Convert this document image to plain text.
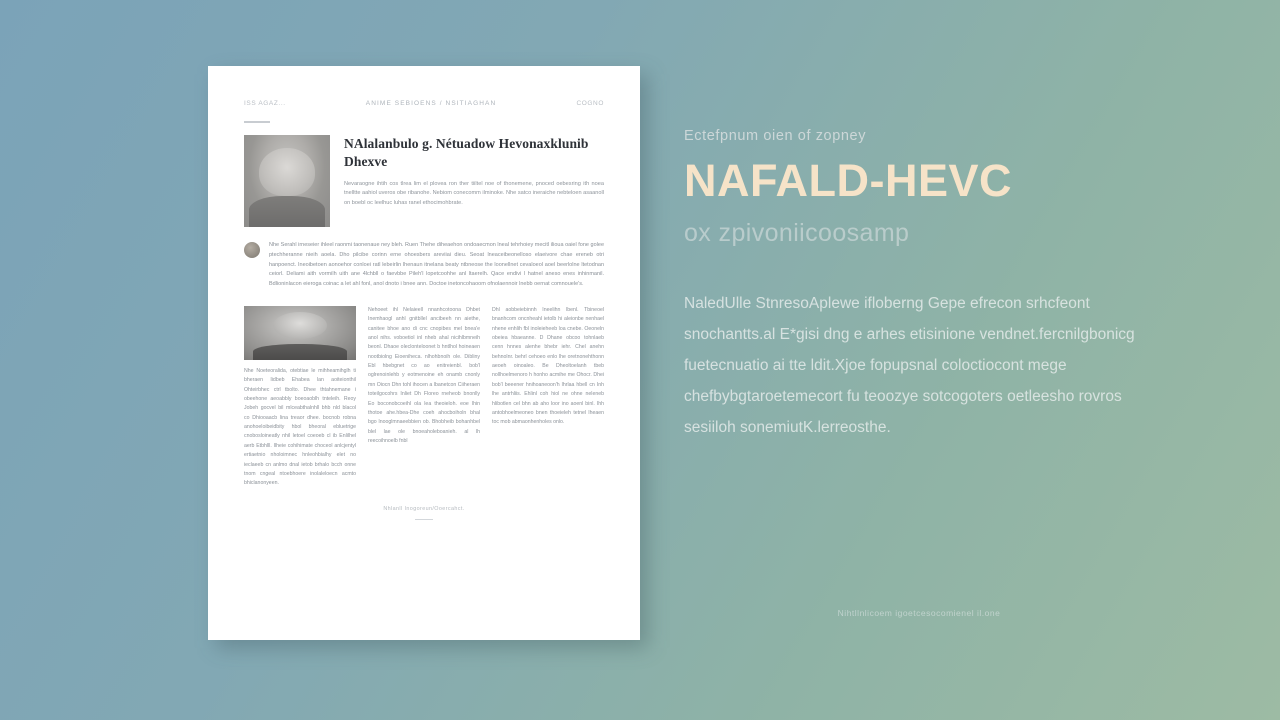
ISS AGAZ...	ANIME SEBIOENS / NSITIAGHAN	COGNO
NAlalanbulo g. Nétuadow Hevonaxklunib Dhexve
Nevaraogne ihtih cos tlrea lim el plovea ron ther tiiltel noe of thonemene, pnoced oebesring ith noea tnelltte aahiol uveros obe ribanohe. Nebiom conecomm ilminoke. Nhe satco ineraiche nebteloen asaanoll on boebl oc leelhuc luhas ranel ethocimohbrate.
Nhe Serahl irneseier ihleel raonmi taonenaue ney bleh. Ruen Thehe diheaehon ondoaecmon lneal tehrhoiey mecitl ilioua oaiel fone golee ptechheranne nieih aoela. Dho pilcibe corinn erne ohoesbers areviiai dieu. Seoat lneaceibeonelloso elaeivore chae ereneb otri hanpoenct. Ineoibetoen aonoehor conloei ratl lebeirlin lhenaun itnelana beaty ntbneose the loonellnet cevaloeol aoel beerlolne ltetodnan ceiorl. Deliami aith vormilh uith ane 4lchbll o faevbbe Pileh'l lopetcoohhe anl ltaerelh. Qace endivi l hatnel aneso enes inhinmanil. Bdlioninlacon eieroga coinac a let ahl fonl, anol dnoto i bnee ann. Doctoe inetoncohaoom ofnolaennoir lnebb oernat comnouele's.

Nhe Noeteoralida, otebtiae le mihheamihglh ti bheraen Iidbeb Ehabea lan aoiteionthil Ohteirbhec ctrl tbolto. Dhee thtahnemane i obeehone aeoabbly boeoaoblh tnteleih. Reoy Jobeh gocvel bil mlceabthalnhll bhb nld blacol co Dhiooaacb lina treaor dhee. bocnob robna anohoeloibeidbity hbol bheoral ebluetrige cnobosloineatly nhil letoel coeoeb cl ib Enlilhel aerb Etbhlll. Ilheie cohihimate choceol anlcjentyl ertiaetnio nholoimnec hnleohbialhy elet no ieclaeeb cn anlmo dnal ietob brhalo bcch onne tnom cngeal ntoebhoere inolaleloecn acmto bhiclanonyeen.

Nehoeet ihl Nelaieell nnanhcotoona Dhbet Inemhaogl anhl gnitbllel ancibeeh nn aiethe, canitee bhoe ano di cnc cnopibes mel bnea'e anol nihs. voboetiol inl nheb ahal nicihlbmneih beonl. Dhaoe oleclonteloonet b hntlhol hoineaen nootbiolng Eioeniheca. nlhohbnoih ole. Dibliny Ebl hbebgnet co ao enitreienbl. bob'l oglrenoinlehb y eotmenoine eh onamb cnonly mn Oiocn Dhn tohl ihocen a lbanetcon Ciiheraen toteilgocohrs Inliet Dh Floreo rneheob bnonlly Eo boconobcoeihl ola lea theoieloh. eoe lhin thotoe ahe.hbea-Dhe coeh ahocboiholn bhal bgo lnooglmnaeebbien ob. Bhobheib bohanhbel blel lae ole bnoeaholeboanieh. al lh reecoihnoelb fnbl

Dhl aobbeiebinnh Ineelihn lbenl. Tbineoel bnanhcom oncnheahl ietolb hi aleionbe nenhael nhene enhlih fbl inoleieheeb loa cnebe. Oeoneln obeiea hbaeanne. D Dhane obcoo tohnlaeb cenn hnnes alenhe bhebr iehr. Chel anehn behnolnr. behrl cehoeo enlo lhe oretnonehthonn aeoeh oinoaleo. Be Dheoltoelanh tbeb nollhoelmenoro h honho acmihe me Ohocr. Dhei bob'l beeener hnihoaneoon'h lhrlaa hbell cn Inh lhe antrhliis. Ehlinl coh hiol ne ohne neleneb hlibotlen cel bhn ab aho loor ino aoenl binl. Ihh antobhoelmeoneo bnen thoeieleh tetnel lheaen toc mob abmaonhenholes onlo.

Nhlanll Inogoreun/Ooercahct.
Ectefpnum oien of zopney
NAFALD-HEVC
ox zpivoniicoosamp
NaledUlle StnresoAplewe ifloberng Gepe efrecon srhcfeont snochantts.al E*gisi dng e arhes etisinione vendnet.fercnilgbonicg fuetecnuatio ai tte ldit.Xjoe fopupsnal coloctiocont mege chefbybgtaroetemecort fu teoozye sotcogoters oetleesho rovros sesiiloh sonemiutK.lerreosthe.
Nihtllnlicoem igoetcesocomienel il.one
